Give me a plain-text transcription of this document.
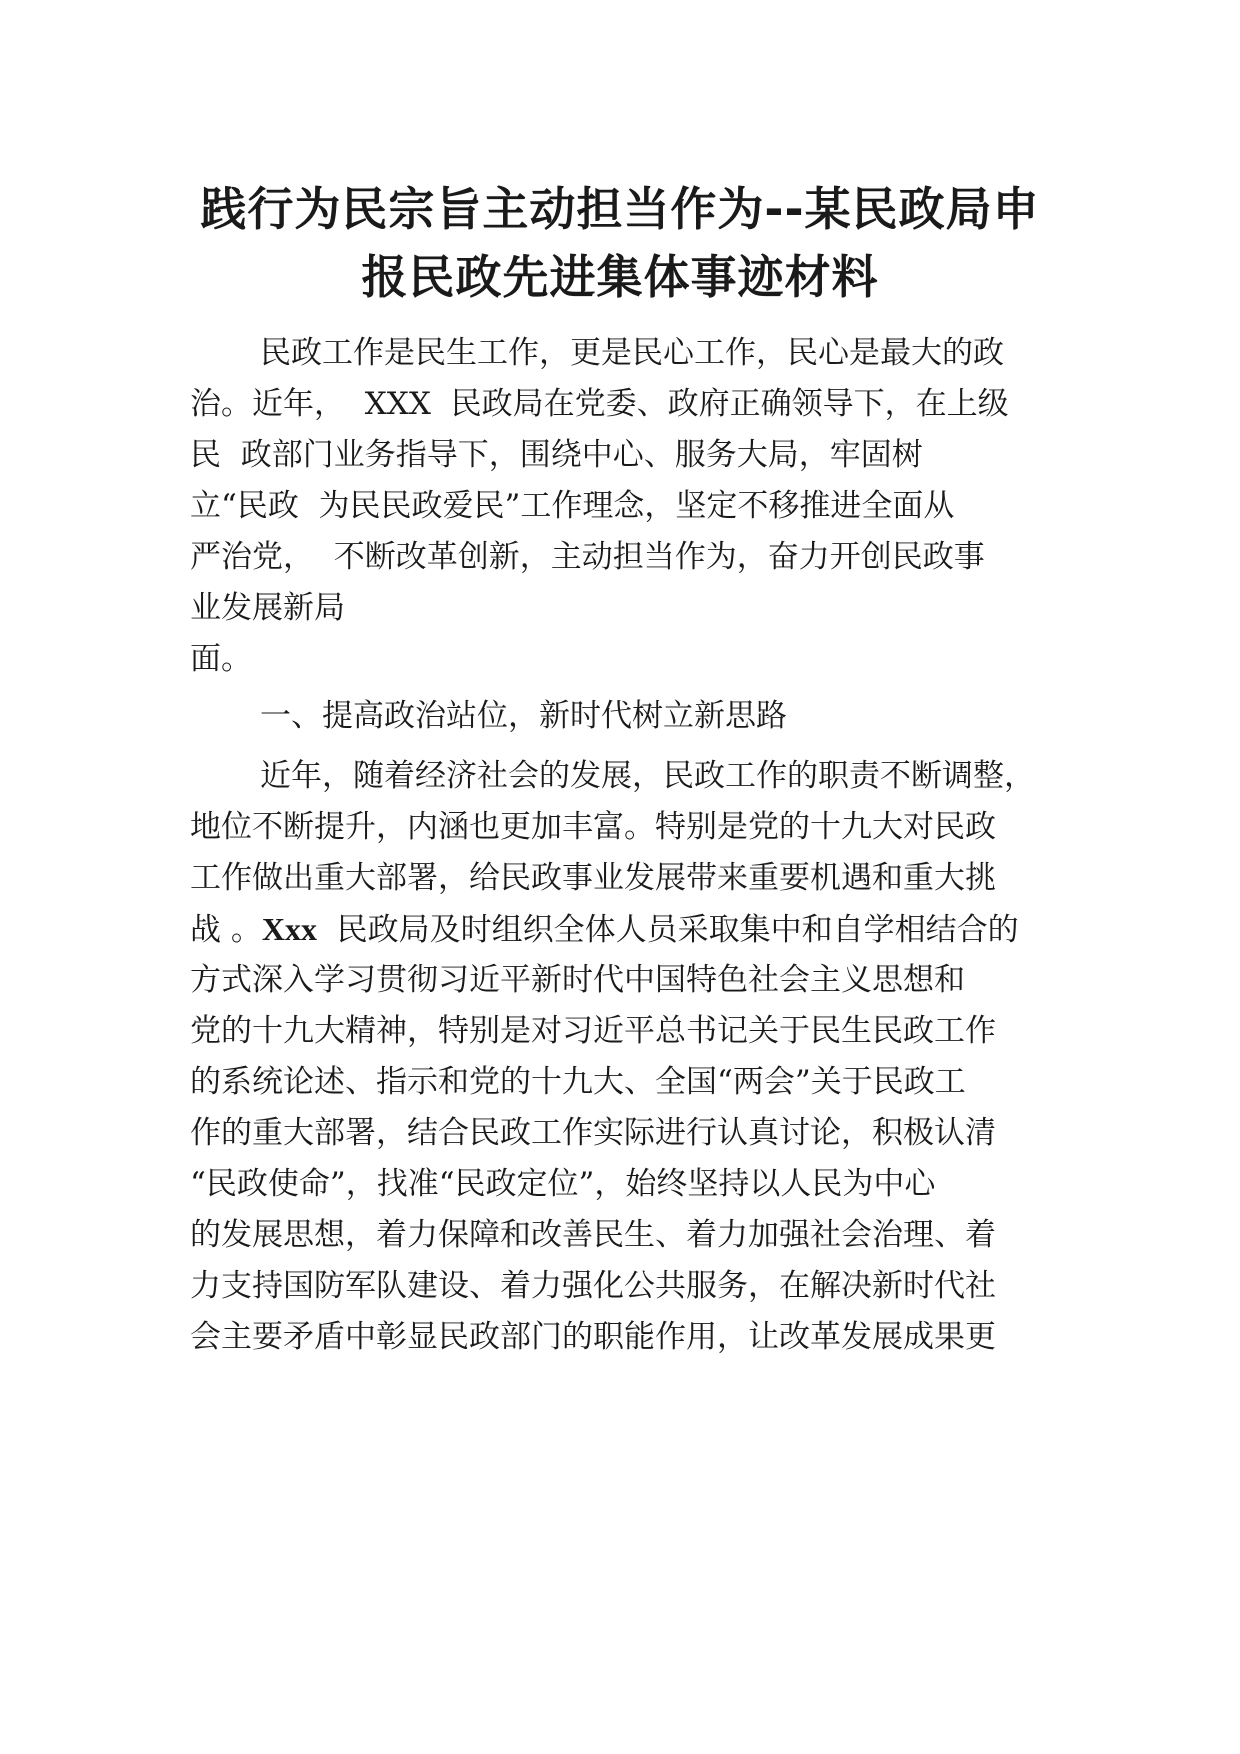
践行为民宗旨主动担当作为--某民政局申
报民政先进集体事迹材料

民政工作是民生工作，更是民心工作，民心是最大的政

治。近年，  XXX  民政局在党委、政府正确领导下，在上级

民  政部门业务指导下，围绕中心、服务大局，牢固树

立“民政  为民民政爱民”工作理念，坚定不移推进全面从

严治党，  不断改革创新，主动担当作为，奋力开创民政事

业发展新局

面。

一、提高政治站位，新时代树立新思路

近年，随着经济社会的发展，民政工作的职责不断调整，

地位不断提升，内涵也更加丰富。特别是党的十九大对民政

工作做出重大部署，给民政事业发展带来重要机遇和重大挑

战 。Xxx  民政局及时组织全体人员采取集中和自学相结合的

方式深入学习贯彻习近平新时代中国特色社会主义思想和

党的十九大精神，特别是对习近平总书记关于民生民政工作

的系统论述、指示和党的十九大、全国“两会”关于民政工

作的重大部署，结合民政工作实际进行认真讨论，积极认清

“民政使命”，找准“民政定位”，始终坚持以人民为中心

的发展思想，着力保障和改善民生、着力加强社会治理、着

力支持国防军队建设、着力强化公共服务，在解决新时代社

会主要矛盾中彰显民政部门的职能作用，让改革发展成果更
